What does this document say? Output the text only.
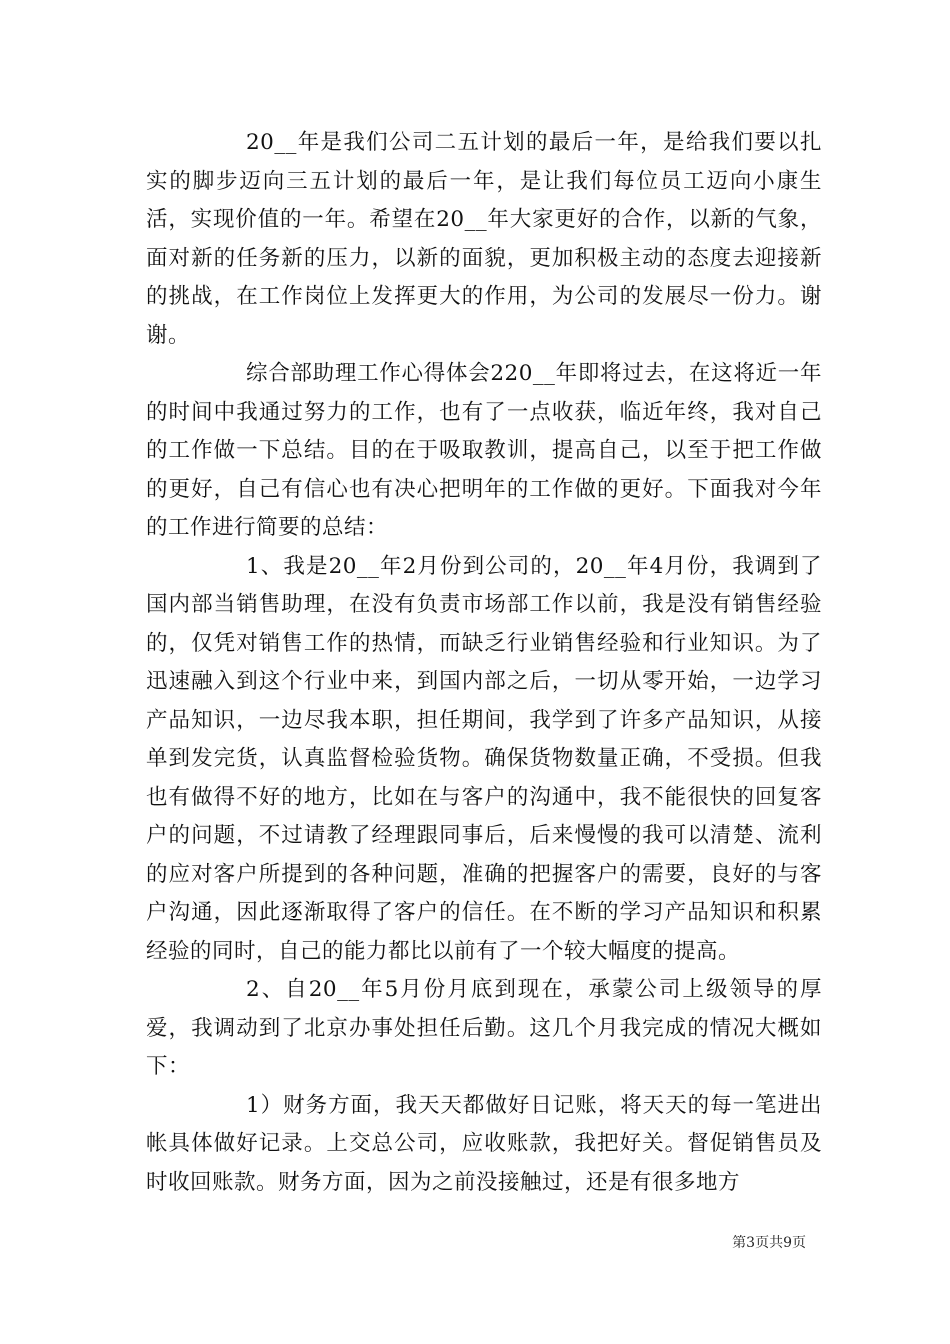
20__年是我们公司二五计划的最后一年，是给我们要以扎实的脚步迈向三五计划的最后一年，是让我们每位员工迈向小康生活，实现价值的一年。希望在20__年大家更好的合作，以新的气象，面对新的任务新的压力，以新的面貌，更加积极主动的态度去迎接新的挑战，在工作岗位上发挥更大的作用，为公司的发展尽一份力。谢谢。

综合部助理工作心得体会220__年即将过去，在这将近一年的时间中我通过努力的工作，也有了一点收获，临近年终，我对自己的工作做一下总结。目的在于吸取教训，提高自己，以至于把工作做的更好，自己有信心也有决心把明年的工作做的更好。下面我对今年的工作进行简要的总结：

1、我是20__年2月份到公司的，20__年4月份，我调到了国内部当销售助理，在没有负责市场部工作以前，我是没有销售经验的，仅凭对销售工作的热情，而缺乏行业销售经验和行业知识。为了迅速融入到这个行业中来，到国内部之后，一切从零开始，一边学习产品知识，一边尽我本职，担任期间，我学到了许多产品知识，从接单到发完货，认真监督检验货物。确保货物数量正确，不受损。但我也有做得不好的地方，比如在与客户的沟通中，我不能很快的回复客户的问题，不过请教了经理跟同事后，后来慢慢的我可以清楚、流利的应对客户所提到的各种问题，准确的把握客户的需要，良好的与客户沟通，因此逐渐取得了客户的信任。在不断的学习产品知识和积累经验的同时，自己的能力都比以前有了一个较大幅度的提高。

2、自20__年5月份月底到现在，承蒙公司上级领导的厚爱，我调动到了北京办事处担任后勤。这几个月我完成的情况大概如下：

1）财务方面，我天天都做好日记账，将天天的每一笔进出帐具体做好记录。上交总公司，应收账款，我把好关。督促销售员及时收回账款。财务方面，因为之前没接触过，还是有很多地方

第3页共9页
